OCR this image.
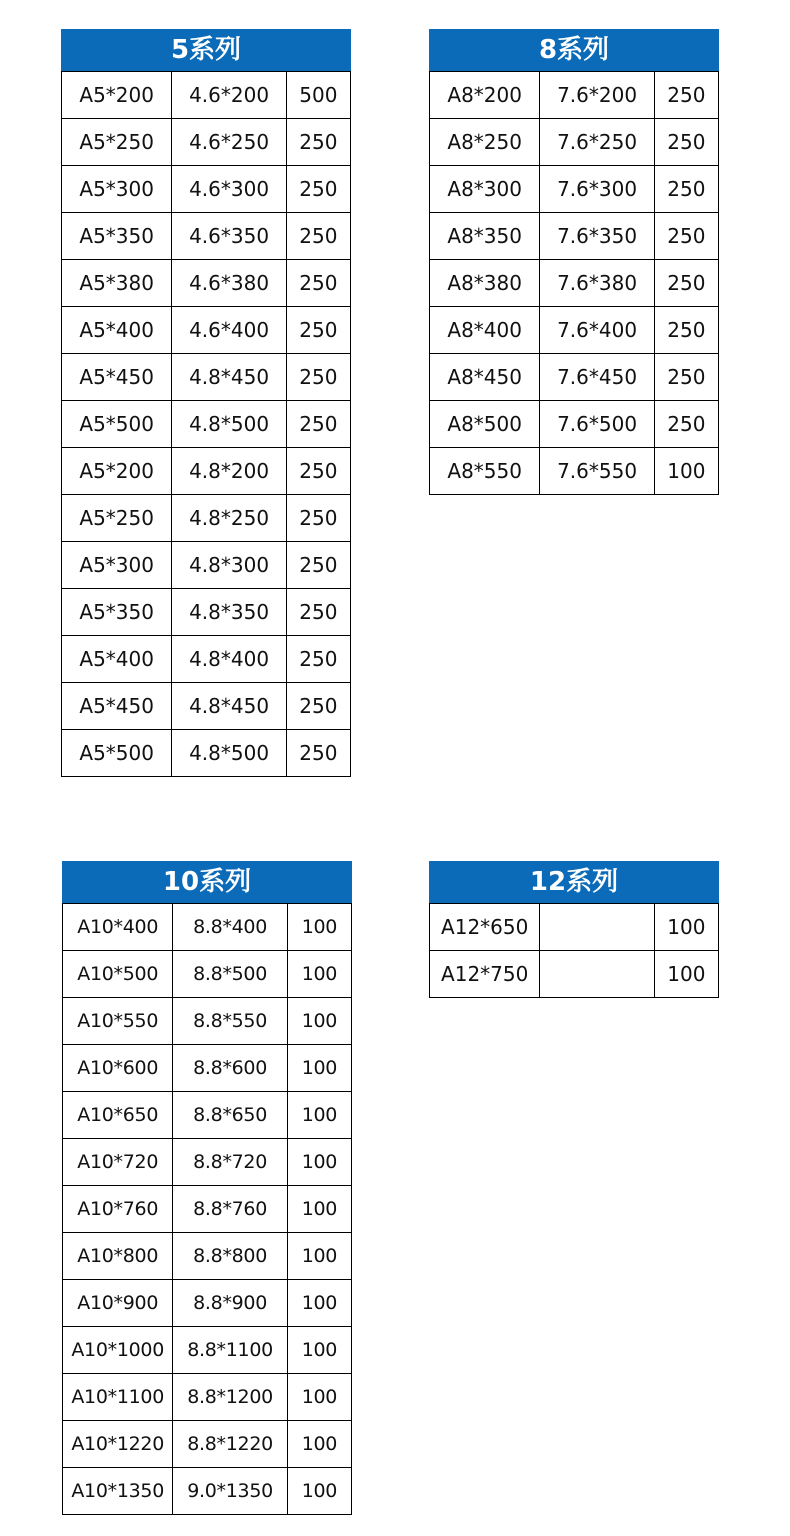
5系列
A5*200	4.6*200	500
A5*250	4.6*250	250
A5*300	4.6*300	250
A5*350	4.6*350	250
A5*380	4.6*380	250
A5*400	4.6*400	250
A5*450	4.8*450	250
A5*500	4.8*500	250
A5*200	4.8*200	250
A5*250	4.8*250	250
A5*300	4.8*300	250
A5*350	4.8*350	250
A5*400	4.8*400	250
A5*450	4.8*450	250
A5*500	4.8*500	250
8系列
A8*200	7.6*200	250
A8*250	7.6*250	250
A8*300	7.6*300	250
A8*350	7.6*350	250
A8*380	7.6*380	250
A8*400	7.6*400	250
A8*450	7.6*450	250
A8*500	7.6*500	250
A8*550	7.6*550	100
10系列
A10*400	8.8*400	100
A10*500	8.8*500	100
A10*550	8.8*550	100
A10*600	8.8*600	100
A10*650	8.8*650	100
A10*720	8.8*720	100
A10*760	8.8*760	100
A10*800	8.8*800	100
A10*900	8.8*900	100
A10*1000	8.8*1100	100
A10*1100	8.8*1200	100
A10*1220	8.8*1220	100
A10*1350	9.0*1350	100
12系列
A12*650		100
A12*750		100
